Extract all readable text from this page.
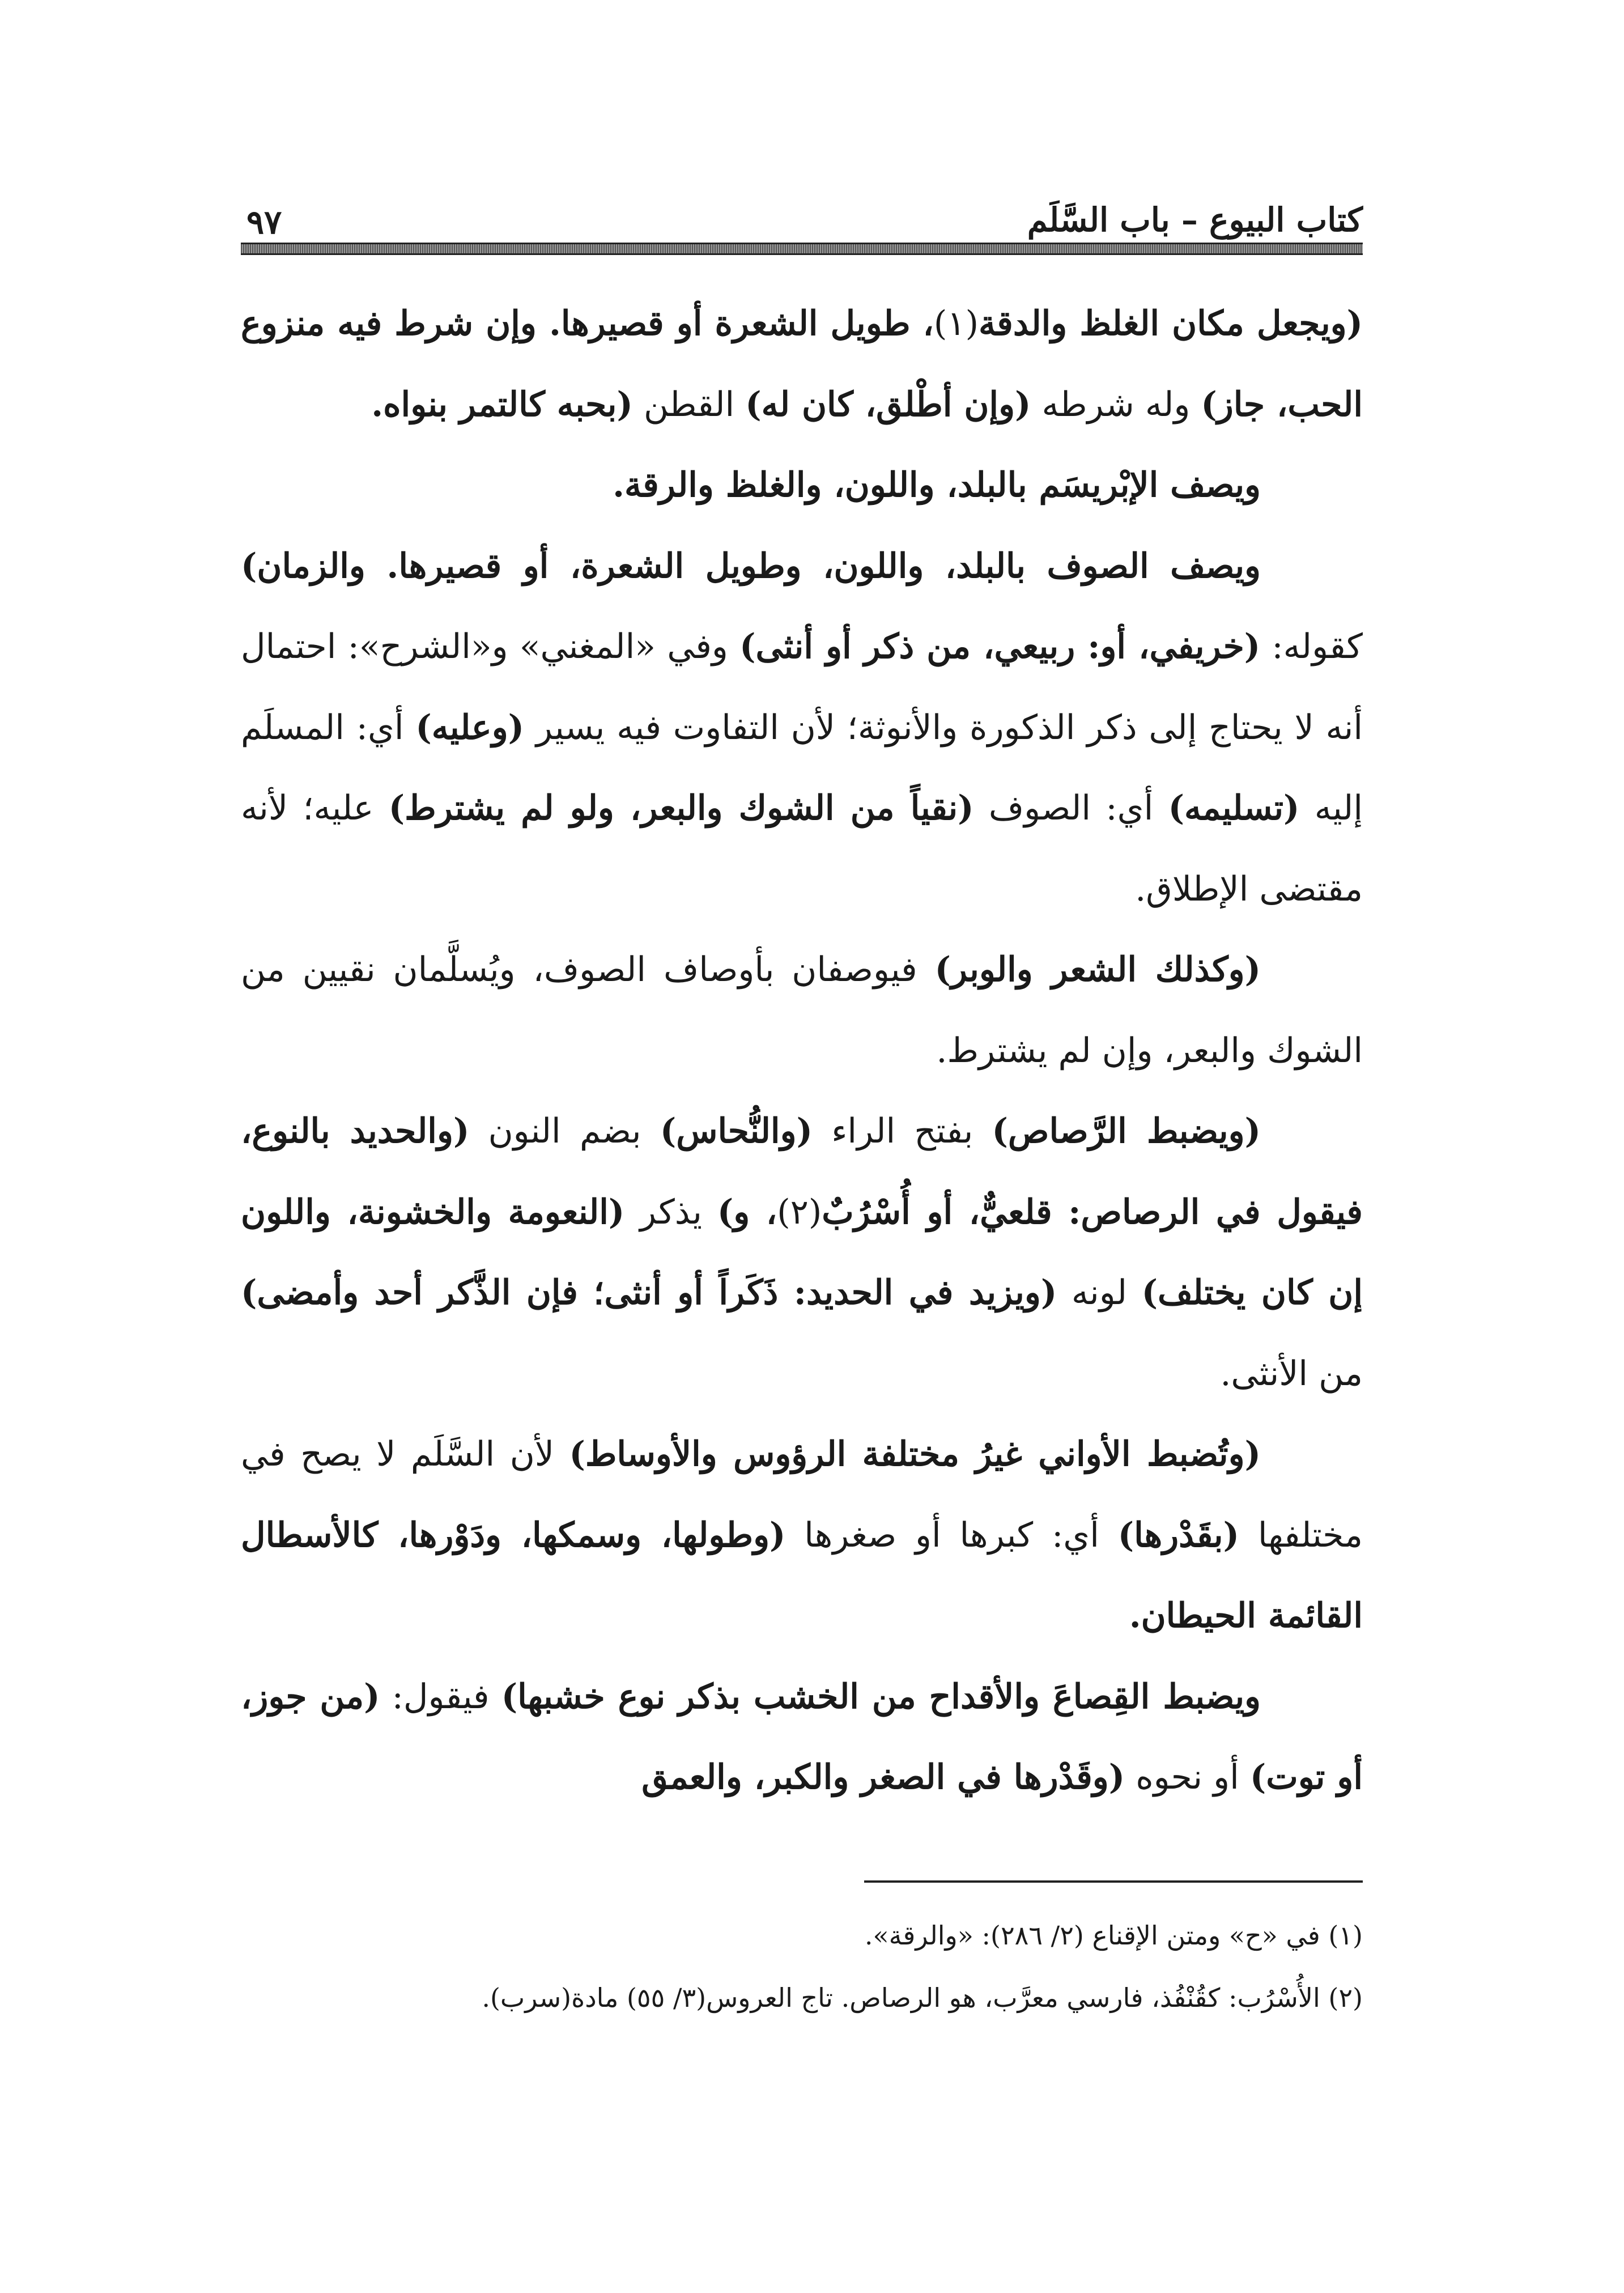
كتاب البيوع – باب السَّلَم
٩٧

(ويجعل مكان الغلظ والدقة(١)، طويل الشعرة أو قصيرها. وإن شرط فيه منزوع الحب، جاز) وله شرطه (وإن أطْلق، كان له) القطن (بحبه كالتمر بنواه.

ويصف الإبْريسَم بالبلد، واللون، والغلظ والرقة.

ويصف الصوف بالبلد، واللون، وطويل الشعرة، أو قصيرها. والزمان) كقوله: (خريفي، أو: ربيعي، من ذكر أو أنثى) وفي «المغني» و«الشرح»: احتمال أنه لا يحتاج إلى ذكر الذكورة والأنوثة؛ لأن التفاوت فيه يسير (وعليه) أي: المسلَم إليه (تسليمه) أي: الصوف (نقياً من الشوك والبعر، ولو لم يشترط) عليه؛ لأنه مقتضى الإطلاق.

(وكذلك الشعر والوبر) فيوصفان بأوصاف الصوف، ويُسلَّمان نقيين من الشوك والبعر، وإن لم يشترط.

(ويضبط الرَّصاص) بفتح الراء (والنُّحاس) بضم النون (والحديد بالنوع، فيقول في الرصاص: قلعيٌّ، أو أُسْرُبٌ(٢)، و) يذكر (النعومة والخشونة، واللون إن كان يختلف) لونه (ويزيد في الحديد: ذَكَراً أو أنثى؛ فإن الذَّكر أحد وأمضى) من الأنثى.

(وتُضبط الأواني غيرُ مختلفة الرؤوس والأوساط) لأن السَّلَم لا يصح في مختلفها (بقَدْرها) أي: كبرها أو صغرها (وطولها، وسمكها، ودَوْرها، كالأسطال القائمة الحيطان.

ويضبط القِصاعَ والأقداح من الخشب بذكر نوع خشبها) فيقول: (من جوز، أو توت) أو نحوه (وقَدْرها في الصغر والكبر، والعمق

(١) في «ح» ومتن الإقناع (٢/ ٢٨٦): «والرقة».

(٢) الأُسْرُب: كقُنْفُذ، فارسي معرَّب، هو الرصاص. تاج العروس(٣/ ٥٥) مادة(سرب).
